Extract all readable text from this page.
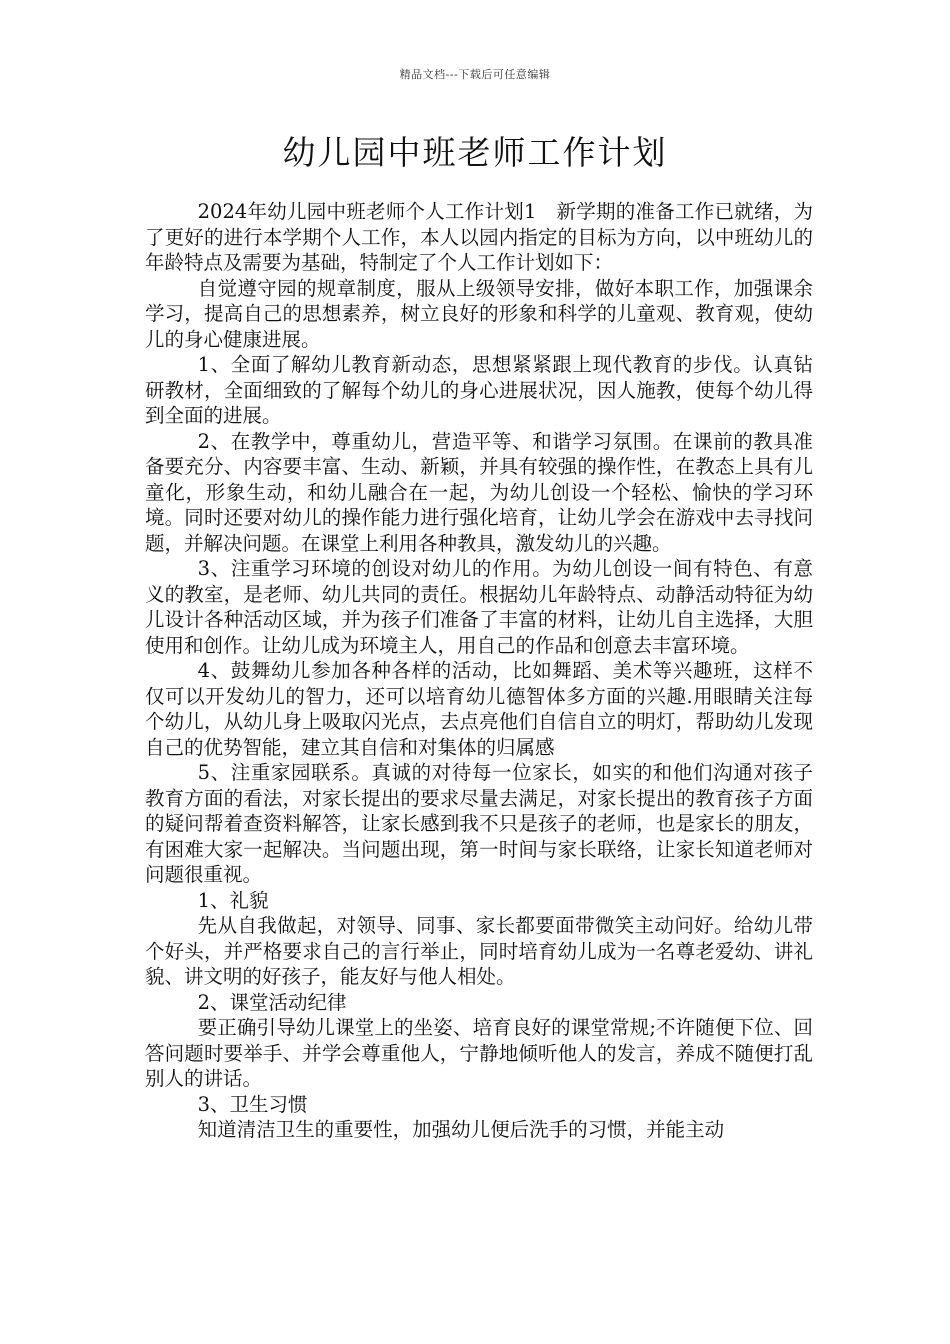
精品文档---下载后可任意编辑
幼儿园中班老师工作计划

2024年幼儿园中班老师个人工作计划1　新学期的准备工作已就绪，为了更好的进行本学期个人工作，本人以园内指定的目标为方向，以中班幼儿的年龄特点及需要为基础，特制定了个人工作计划如下：

自觉遵守园的规章制度，服从上级领导安排，做好本职工作，加强课余学习，提高自己的思想素养，树立良好的形象和科学的儿童观、教育观，使幼儿的身心健康进展。

1、全面了解幼儿教育新动态，思想紧紧跟上现代教育的步伐。认真钻研教材，全面细致的了解每个幼儿的身心进展状况，因人施教，使每个幼儿得到全面的进展。

2、在教学中，尊重幼儿，营造平等、和谐学习氛围。在课前的教具准备要充分、内容要丰富、生动、新颖，并具有较强的操作性，在教态上具有儿童化，形象生动，和幼儿融合在一起，为幼儿创设一个轻松、愉快的学习环境。同时还要对幼儿的操作能力进行强化培育，让幼儿学会在游戏中去寻找问题，并解决问题。在课堂上利用各种教具，激发幼儿的兴趣。

3、注重学习环境的创设对幼儿的作用。为幼儿创设一间有特色、有意义的教室，是老师、幼儿共同的责任。根据幼儿年龄特点、动静活动特征为幼儿设计各种活动区域，并为孩子们准备了丰富的材料，让幼儿自主选择，大胆使用和创作。让幼儿成为环境主人，用自己的作品和创意去丰富环境。

4、鼓舞幼儿参加各种各样的活动，比如舞蹈、美术等兴趣班，这样不仅可以开发幼儿的智力，还可以培育幼儿德智体多方面的兴趣.用眼睛关注每个幼儿，从幼儿身上吸取闪光点，去点亮他们自信自立的明灯，帮助幼儿发现自己的优势智能，建立其自信和对集体的归属感

5、注重家园联系。真诚的对待每一位家长，如实的和他们沟通对孩子教育方面的看法，对家长提出的要求尽量去满足，对家长提出的教育孩子方面的疑问帮着查资料解答，让家长感到我不只是孩子的老师，也是家长的朋友，有困难大家一起解决。当问题出现，第一时间与家长联络，让家长知道老师对问题很重视。

1、礼貌

先从自我做起，对领导、同事、家长都要面带微笑主动问好。给幼儿带个好头，并严格要求自己的言行举止，同时培育幼儿成为一名尊老爱幼、讲礼貌、讲文明的好孩子，能友好与他人相处。

2、课堂活动纪律

要正确引导幼儿课堂上的坐姿、培育良好的课堂常规;不许随便下位、回答问题时要举手、并学会尊重他人，宁静地倾听他人的发言，养成不随便打乱别人的讲话。

3、卫生习惯

知道清洁卫生的重要性，加强幼儿便后洗手的习惯，并能主动
